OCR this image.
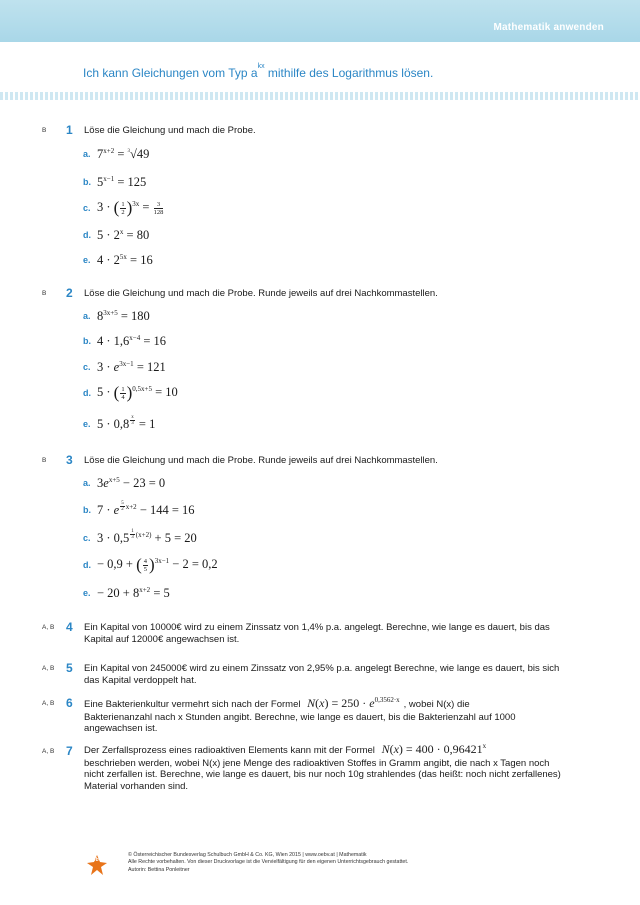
Mathematik anwenden
Ich kann Gleichungen vom Typ $a^{kx}$ mithilfe des Logarithmus lösen.
B 1 Löse die Gleichung und mach die Probe.
a. $7^{x+2} = ^3√49$
b. $5^{x-1} = 125$
c. 3 · ( $\frac{1}{2} )^{3x} = \frac{3}{128}$
d. $5 \cdot 2^x = 80$
e. $4 \cdot 2^{5x} = 16$
B 2 Löse die Gleichung und mach die Probe. Runde jeweils auf drei Nachkommastellen.
a. $8^{3x+5} = 180$
b. $4 \cdot 1,6^{x-4} = 16$
c. $3 \cdot e^{3x-1} = 121$
d. 5 · ( $\frac{1}{4} )^{0,5x+5} = 10$
e. 5 · 0,8 $^{\frac{x}{3}}$ = 1
B 3 Löse die Gleichung und mach die Probe. Runde jeweils auf drei Nachkommastellen.
a. $3e^{x+5} - 23 = 0$
b. 7 · e $^{\frac{5}{2} x+2}$ − 144 = 16
c. 3 · 0,5 $^{\frac{1}{3} (x+2)}$ + 5 = 20
d. − 0,9 + ( $\frac{4}{5} )^{3x-1} - 2 = 0,2$
e. − $20 + 8^{x+2} = 5$
A, B 4 Ein Kapital von 10000€ wird zu einem Zinssatz von 1,4% p.a. angelegt. Berechne, wie lange es dauert, bis das Kapital auf 12000€ angewachsen ist.
A, B 5 Ein Kapital von 245000€ wird zu einem Zinssatz von 2,95% p.a. angelegt Berechne, wie lange es dauert, bis sich das Kapital verdoppelt hat.
A, B 6 Eine Bakterienkultur vermehrt sich nach der Formel $N(x) = 250 \cdot e^{0,3562\cdot x}$ , wobei N(x) die
Bakterienanzahl nach x Stunden angibt. Berechne, wie lange es dauert, bis die Bakterienzahl auf 1000 angewachsen ist.
A, B 7 Der Zerfallsprozess eines radioaktiven Elements kann mit der Formel $N(x) = 400 \cdot 0,96421^x$
beschrieben werden, wobei N(x) jene Menge des radioaktiven Stoffes in Gramm angibt, die nach x Tagen noch nicht zerfallen ist. Berechne, wie lange es dauert, bis nur noch 10g strahlendes (das heißt: noch nicht zerfallenes) Material vorhanden sind.
öbv
© Österreichischer Bundesverlag Schulbuch GmbH & Co. KG, Wien 2015 | www.oebv.at | Mathematik
Alle Rechte vorbehalten. Von dieser Druckvorlage ist die Vervielfältigung für den eigenen Unterrichtsgebrauch gestattet.
Autorin: Bettina Ponleitner
